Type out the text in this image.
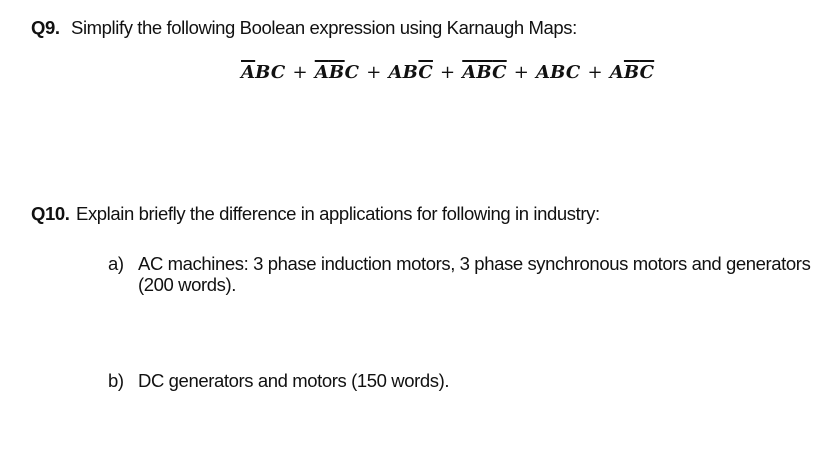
Q9. Simplify the following Boolean expression using Karnaugh Maps:
$\overline{A}BC + \overline{A}\overline{B}C + AB\overline{C} + \overline{A}\overline{B}\overline{C}$ + ABC + $A\overline{B}\overline{C}$
Q10. Explain briefly the difference in applications for following in industry:
a) AC machines: 3 phase induction motors, 3 phase synchronous motors and generators
(200 words).
b) DC generators and motors (150 words).
